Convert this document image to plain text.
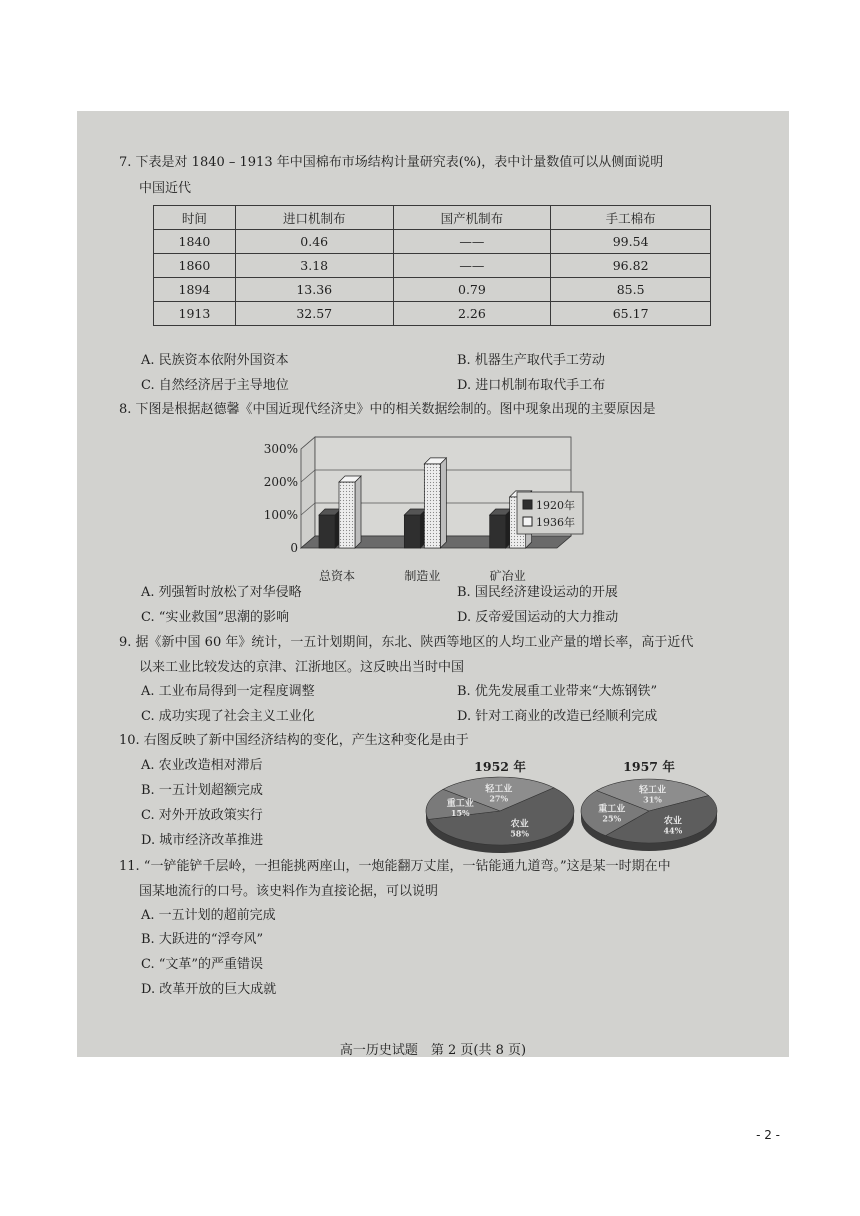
7. 下表是对 1840 – 1913 年中国棉布市场结构计量研究表(%)，表中计量数值可以从侧面说明
中国近代
时间	进口机制布	国产机制布	手工棉布
1840	0.46	——	99.54
1860	3.18	——	96.82
1894	13.36	0.79	85.5
1913	32.57	2.26	65.17
A. 民族资本依附外国资本	B. 机器生产取代手工劳动
C. 自然经济居于主导地位	D. 进口机制布取代手工布
8. 下图是根据赵德馨《中国近现代经济史》中的相关数据绘制的。图中现象出现的主要原因是
0
100%
200%
300%
总资本	制造业	矿冶业
1920年
1936年
A. 列强暂时放松了对华侵略	B. 国民经济建设运动的开展
C. “实业救国”思潮的影响	D. 反帝爱国运动的大力推动
9. 据《新中国 60 年》统计，一五计划期间，东北、陕西等地区的人均工业产量的增长率，高于近代
以来工业比较发达的京津、江浙地区。这反映出当时中国
A. 工业布局得到一定程度调整	B. 优先发展重工业带来“大炼钢铁”
C. 成功实现了社会主义工业化	D. 针对工商业的改造已经顺利完成
10. 右图反映了新中国经济结构的变化，产生这种变化是由于
A. 农业改造相对滞后
B. 一五计划超额完成
C. 对外开放政策实行
D. 城市经济改革推进
1952 年
轻工业
27%
农业
58%
重工业
15%
1957 年
轻工业
31%
农业
44%
重工业
25%
11. “一铲能铲千层岭，一担能挑两座山，一炮能翻万丈崖，一钻能通九道弯。”这是某一时期在中
国某地流行的口号。该史料作为直接论据，可以说明
A. 一五计划的超前完成
B. 大跃进的“浮夸风”
C. “文革”的严重错误
D. 改革开放的巨大成就
高一历史试题　第 2 页(共 8 页)
- 2 -
